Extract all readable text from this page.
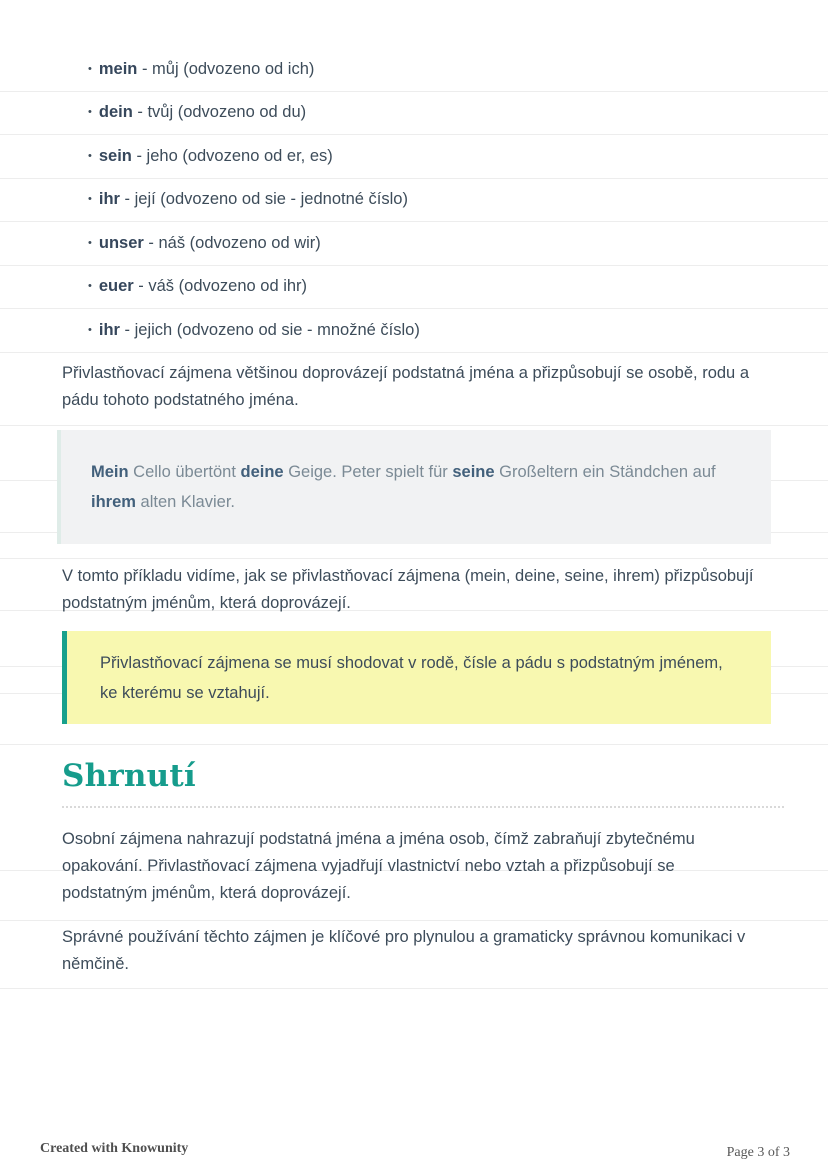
• mein - můj (odvozeno od ich)
• dein - tvůj (odvozeno od du)
• sein - jeho (odvozeno od er, es)
• ihr - její (odvozeno od sie - jednotné číslo)
• unser - náš (odvozeno od wir)
• euer - váš (odvozeno od ihr)
• ihr - jejich (odvozeno od sie - množné číslo)

Přivlastňovací zájmena většinou doprovázejí podstatná jména a přizpůsobují se osobě, rodu a pádu tohoto podstatného jména.

Mein Cello übertönt deine Geige. Peter spielt für seine Großeltern ein Ständchen auf ihrem alten Klavier.

V tomto příkladu vidíme, jak se přivlastňovací zájmena (mein, deine, seine, ihrem) přizpůsobují podstatným jménům, která doprovázejí.

Přivlastňovací zájmena se musí shodovat v rodě, čísle a pádu s podstatným jménem, ke kterému se vztahují.
Shrnutí

Osobní zájmena nahrazují podstatná jména a jména osob, čímž zabraňují zbytečnému opakování. Přivlastňovací zájmena vyjadřují vlastnictví nebo vztah a přizpůsobují se podstatným jménům, která doprovázejí.

Správné používání těchto zájmen je klíčové pro plynulou a gramaticky správnou komunikaci v němčině.

Created with Knowunity	Page 3 of 3
